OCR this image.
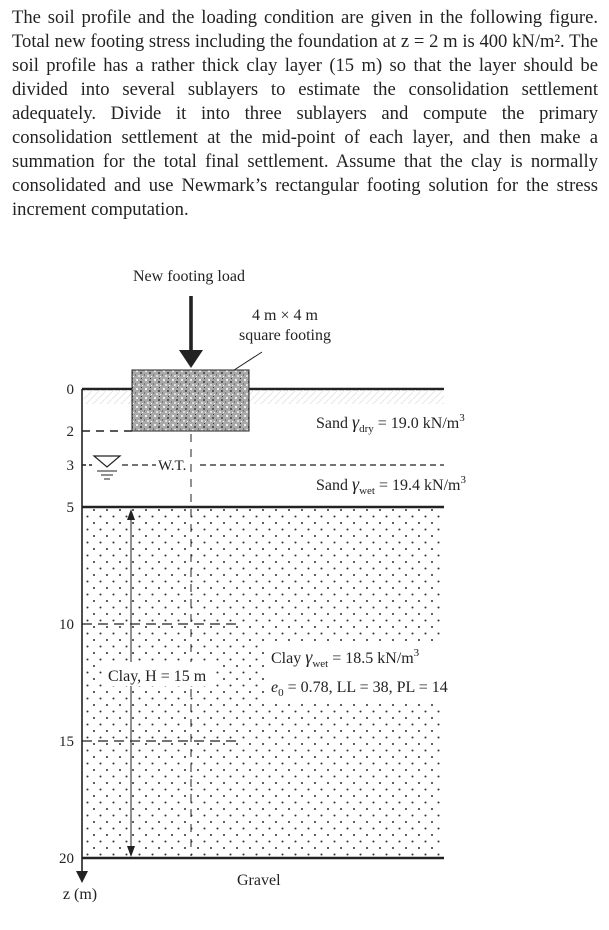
The soil profile and the loading condition are given in the following figure. Total new footing stress including the foundation at z = 2 m is 400 kN/m². The soil profile has a rather thick clay layer (15 m) so that the layer should be divided into several sublayers to estimate the consolidation settlement adequately. Divide it into three sublayers and compute the primary consolidation settlement at the mid-point of each layer, and then make a summation for the total final settlement. Assume that the clay is normally consolidated and use Newmark’s rectangular footing solution for the stress increment computation.

New footing load
4 m × 4 m
square footing
W.T.
Sand $\gamma_{dry} = 19.0$ $kN/m^3$
Sand $\gamma_{wet} = 19.4$ $kN/m^3$
Clay, H = 15 m
Clay $\gamma_{wet} = 18.5$ $kN/m^3$
$e_0 = 0.78$, LL = 38, PL = 14
Gravel
0
2
3
5
10
15
20
z (m)
